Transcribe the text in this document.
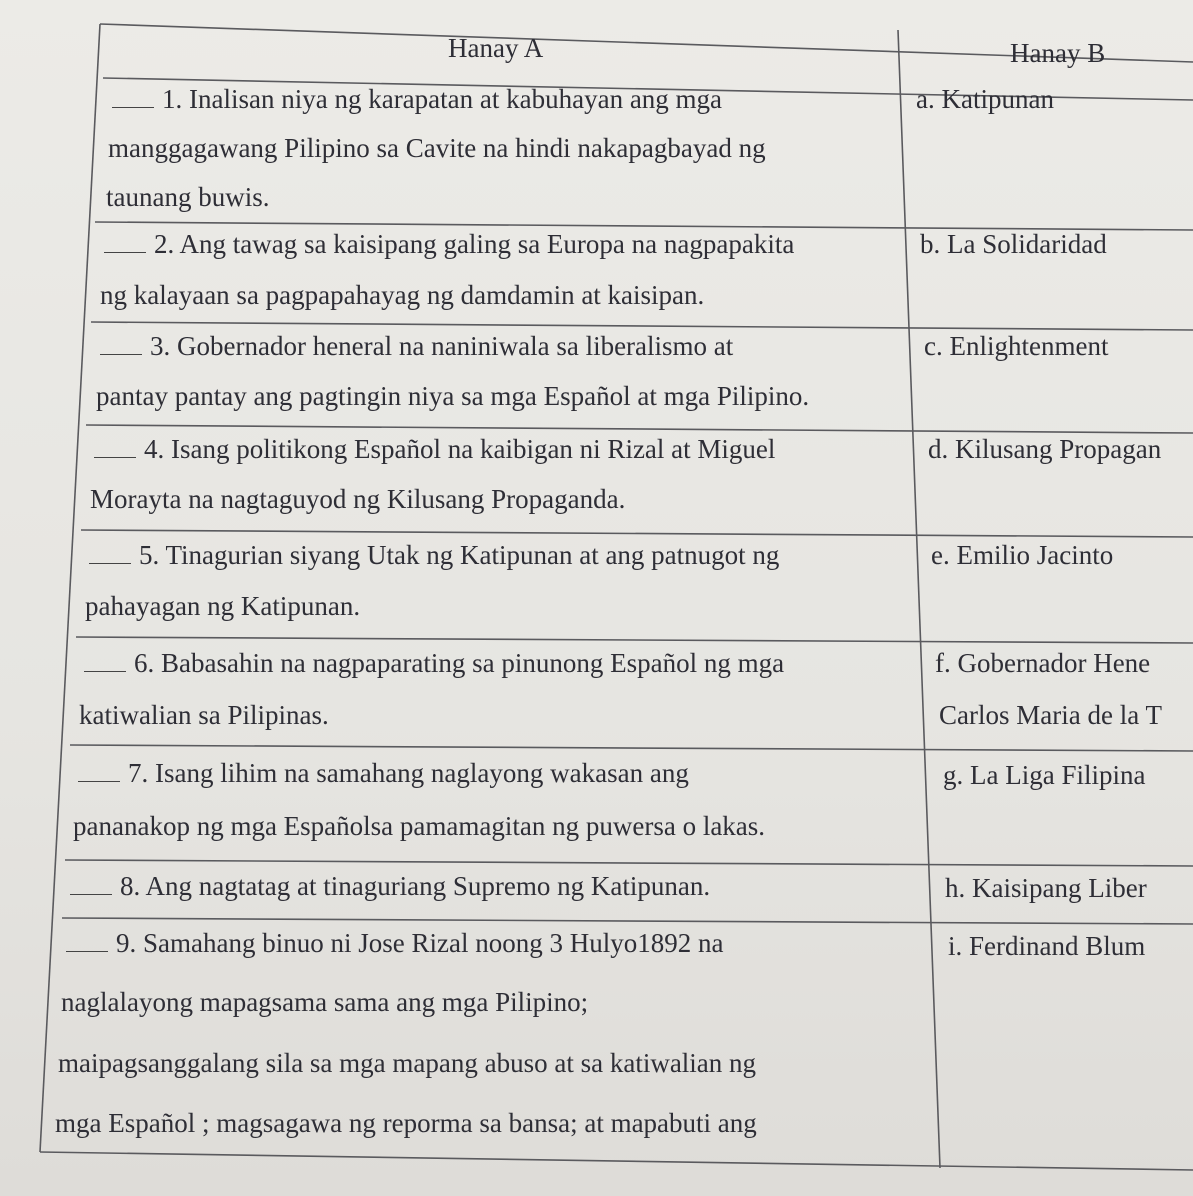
Hanay A	Hanay B
1. Inalisan niya ng karapatan at kabuhayan ang mga
manggagawang Pilipino sa Cavite na hindi nakapagbayad ng
taunang buwis.
2. Ang tawag sa kaisipang galing sa Europa na nagpapakita
ng kalayaan sa pagpapahayag ng damdamin at kaisipan.
3. Gobernador heneral na naniniwala sa liberalismo at
pantay pantay ang pagtingin niya sa mga Español at mga Pilipino.
4. Isang politikong Español na kaibigan ni Rizal at Miguel
Morayta na nagtaguyod ng Kilusang Propaganda.
5. Tinagurian siyang Utak ng Katipunan at ang patnugot ng
pahayagan ng Katipunan.
6. Babasahin na nagpaparating sa pinunong Español ng mga
katiwalian sa Pilipinas.
7. Isang lihim na samahang naglayong wakasan ang
pananakop ng mga Españolsa pamamagitan ng puwersa o lakas.
8. Ang nagtatag at tinaguriang Supremo ng Katipunan.
9. Samahang binuo ni Jose Rizal noong 3 Hulyo1892 na
naglalayong mapagsama sama ang mga Pilipino;
maipagsanggalang sila sa mga mapang abuso at sa katiwalian ng
mga Español ; magsagawa ng reporma sa bansa; at mapabuti ang
a. Katipunan
b. La Solidaridad
c. Enlightenment
d. Kilusang Propagan
e. Emilio Jacinto
f. Gobernador Hene
Carlos Maria de la T
g. La Liga Filipina
h. Kaisipang Liber
i. Ferdinand Blum
